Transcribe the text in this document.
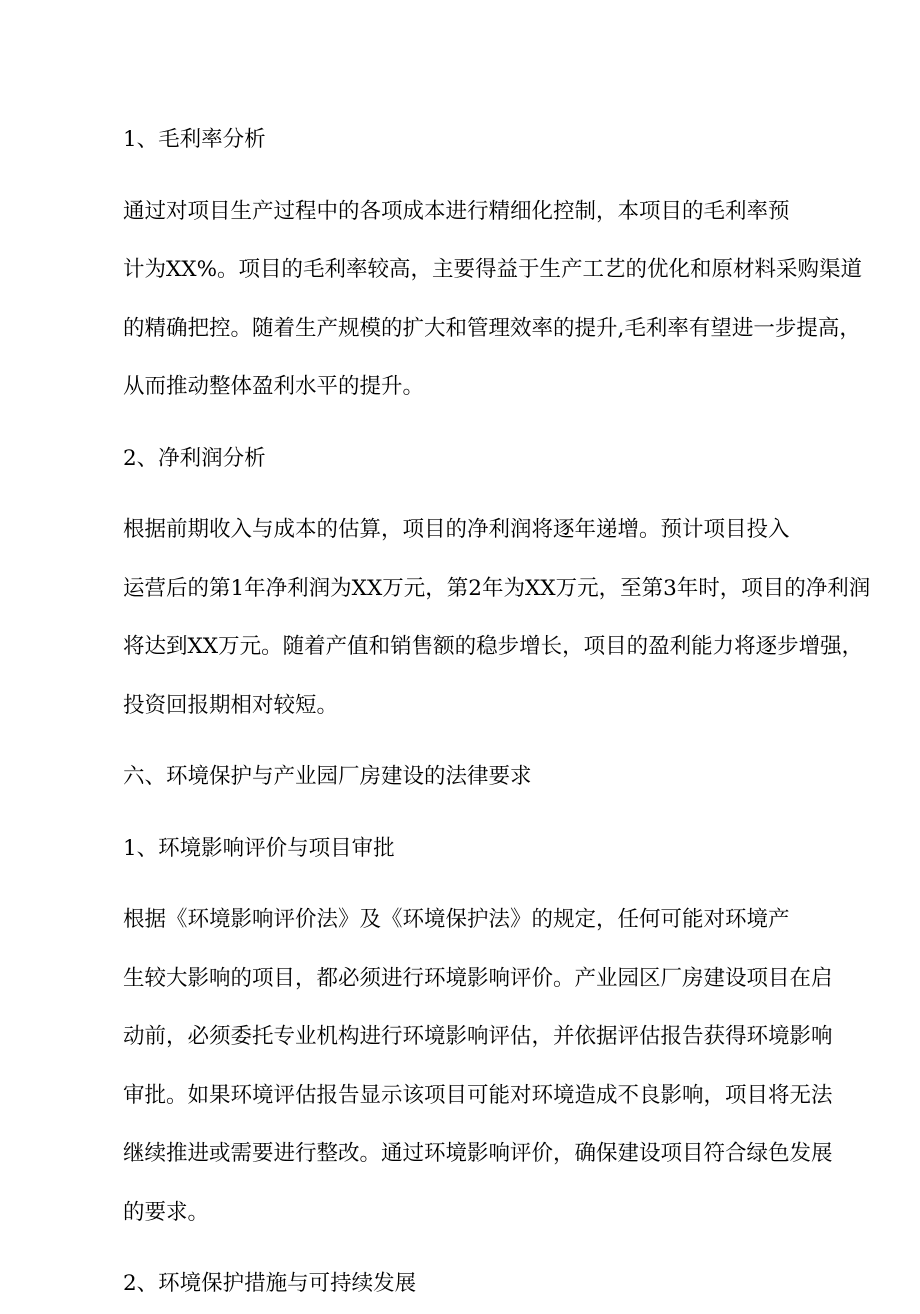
1、毛利率分析

通过对项目生产过程中的各项成本进行精细化控制，本项目的毛利率预
计为XX%。项目的毛利率较高，主要得益于生产工艺的优化和原材料采购渠道
的精确把控。随着生产规模的扩大和管理效率的提升,毛利率有望进一步提高，
从而推动整体盈利水平的提升。

2、净利润分析

根据前期收入与成本的估算，项目的净利润将逐年递增。预计项目投入
运营后的第1年净利润为XX万元，第2年为XX万元，至第3年时，项目的净利润
将达到XX万元。随着产值和销售额的稳步增长，项目的盈利能力将逐步增强，
投资回报期相对较短。

六、环境保护与产业园厂房建设的法律要求
1、环境影响评价与项目审批

根据《环境影响评价法》及《环境保护法》的规定，任何可能对环境产
生较大影响的项目，都必须进行环境影响评价。产业园区厂房建设项目在启
动前，必须委托专业机构进行环境影响评估，并依据评估报告获得环境影响
审批。如果环境评估报告显示该项目可能对环境造成不良影响，项目将无法
继续推进或需要进行整改。通过环境影响评价，确保建设项目符合绿色发展
的要求。

2、环境保护措施与可持续发展
